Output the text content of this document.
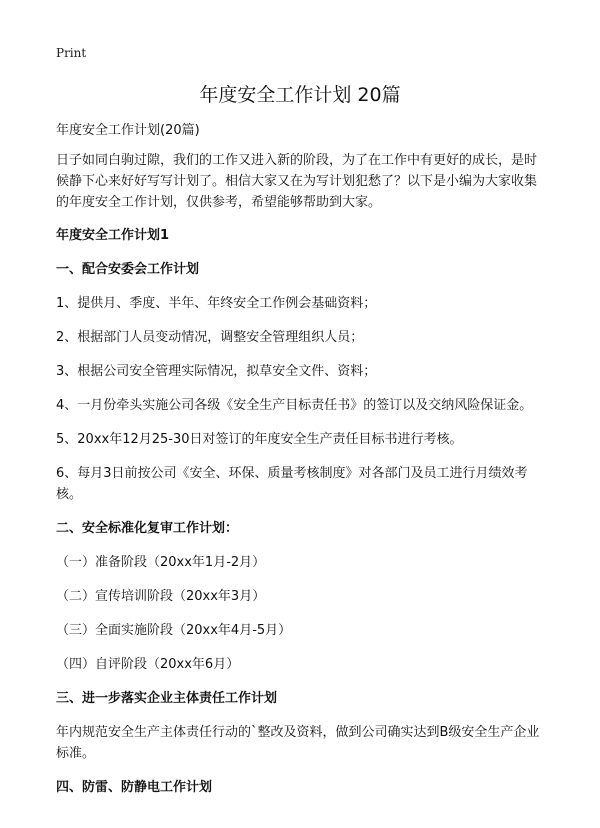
Print
年度安全工作计划 20篇

年度安全工作计划(20篇)

日子如同白驹过隙，我们的工作又进入新的阶段，为了在工作中有更好的成长，是时候静下心来好好写写计划了。相信大家又在为写计划犯愁了？以下是小编为大家收集的年度安全工作计划，仅供参考，希望能够帮助到大家。

年度安全工作计划1

一、配合安委会工作计划

1、提供月、季度、半年、年终安全工作例会基础资料；

2、根据部门人员变动情况，调整安全管理组织人员；

3、根据公司安全管理实际情况，拟草安全文件、资料；

4、一月份牵头实施公司各级《安全生产目标责任书》的签订以及交纳风险保证金。

5、20xx年12月25-30日对签订的年度安全生产责任目标书进行考核。

6、每月3日前按公司《安全、环保、质量考核制度》对各部门及员工进行月绩效考核。

二、安全标准化复审工作计划：

（一）准备阶段（20xx年1月-2月）

（二）宣传培训阶段（20xx年3月）

（三）全面实施阶段（20xx年4月-5月）

（四）自评阶段（20xx年6月）

三、进一步落实企业主体责任工作计划

年内规范安全生产主体责任行动的`整改及资料，做到公司确实达到B级安全生产企业标准。

四、防雷、防静电工作计划
